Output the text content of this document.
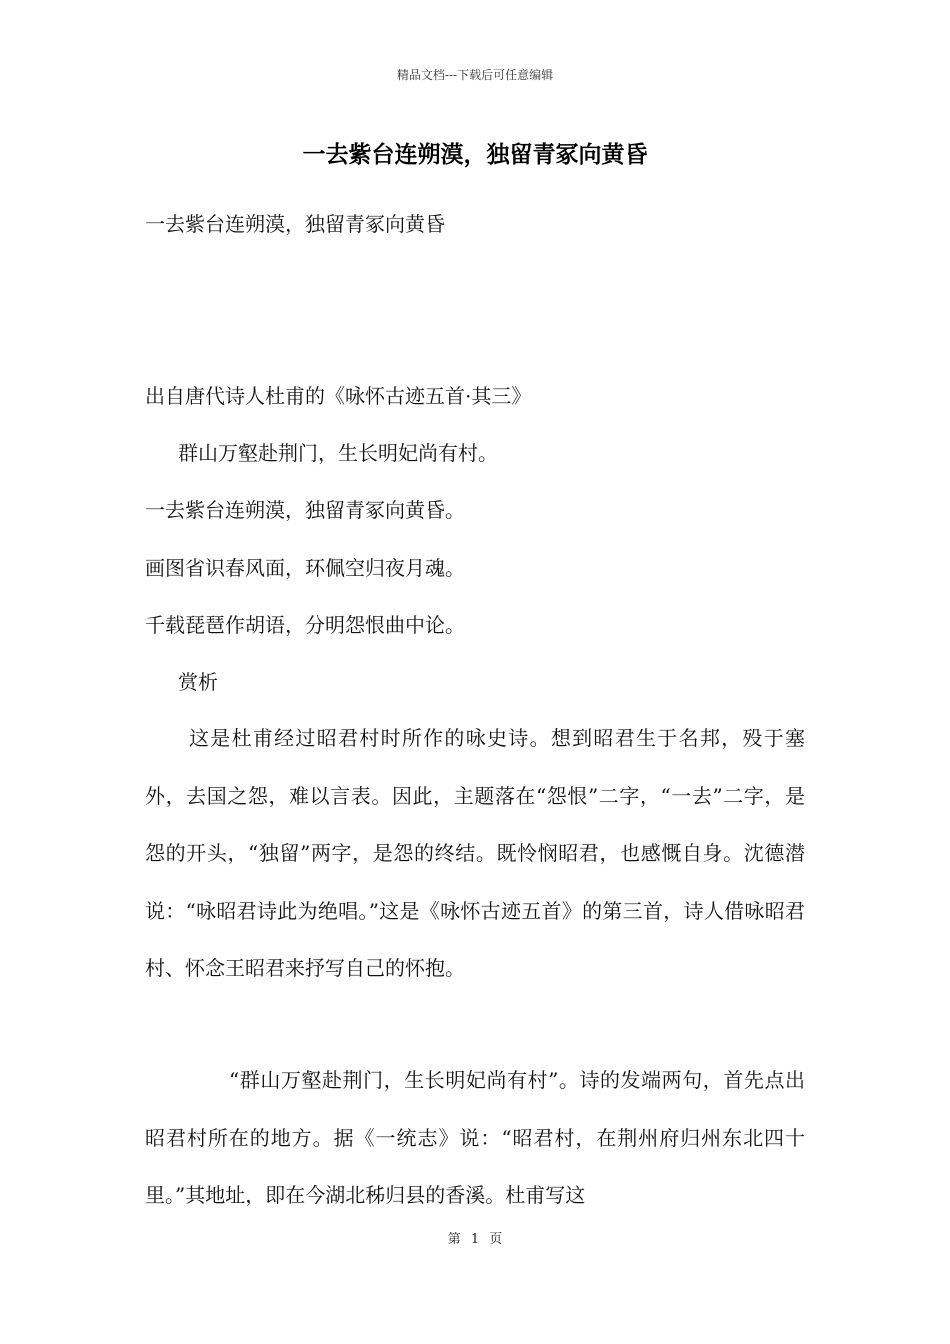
精品文档---下载后可任意编辑
一去紫台连朔漠，独留青冢向黄昏
一去紫台连朔漠，独留青冢向黄昏
出自唐代诗人杜甫的《咏怀古迹五首·其三》
群山万壑赴荆门，生长明妃尚有村。
一去紫台连朔漠，独留青冢向黄昏。
画图省识春风面，环佩空归夜月魂。
千载琵琶作胡语，分明怨恨曲中论。
赏析
这是杜甫经过昭君村时所作的咏史诗。想到昭君生于名邦，殁于塞外，去国之怨，难以言表。因此，主题落在“怨恨”二字，“一去”二字，是怨的开头，“独留”两字，是怨的终结。既怜悯昭君，也感慨自身。沈德潜说：“咏昭君诗此为绝唱。”这是《咏怀古迹五首》的第三首，诗人借咏昭君村、怀念王昭君来抒写自己的怀抱。
“群山万壑赴荆门，生长明妃尚有村”。诗的发端两句，首先点出昭君村所在的地方。据《一统志》说：“昭君村，在荆州府归州东北四十里。”其地址，即在今湖北秭归县的香溪。杜甫写这
第 1 页
